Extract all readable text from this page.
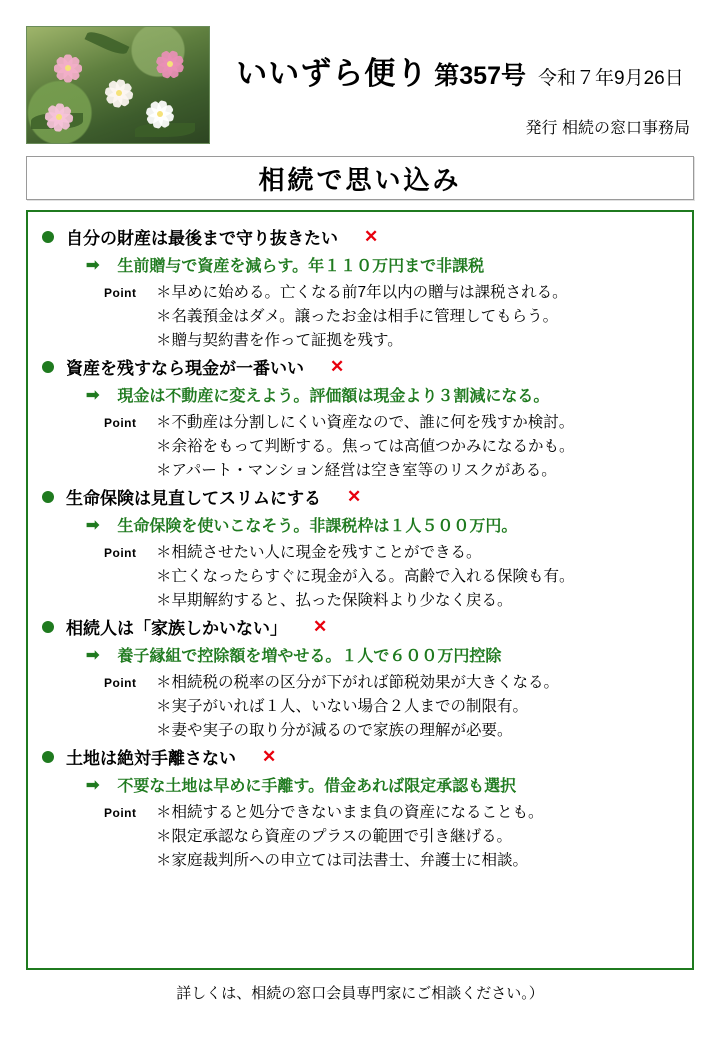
いいずら便り 第357号 令和７年9月26日
発行 相続の窓口事務局
相続で思い込み
自分の財産は最後まで守り抜きたい ✕
➡ 生前贈与で資産を減らす。年１１０万円まで非課税
Point	＊早めに始める。亡くなる前7年以内の贈与は課税される。
＊名義預金はダメ。譲ったお金は相手に管理してもらう。
＊贈与契約書を作って証拠を残す。
資産を残すなら現金が一番いい ✕
➡ 現金は不動産に変えよう。評価額は現金より３割減になる。
Point	＊不動産は分割しにくい資産なので、誰に何を残すか検討。
＊余裕をもって判断する。焦っては高値つかみになるかも。
＊アパート・マンション経営は空き室等のリスクがある。
生命保険は見直してスリムにする ✕
➡ 生命保険を使いこなそう。非課税枠は１人５００万円。
Point	＊相続させたい人に現金を残すことができる。
＊亡くなったらすぐに現金が入る。高齢で入れる保険も有。
＊早期解約すると、払った保険料より少なく戻る。
相続人は「家族しかいない」 ✕
➡ 養子縁組で控除額を増やせる。１人で６００万円控除
Point	＊相続税の税率の区分が下がれば節税効果が大きくなる。
＊実子がいれば１人、いない場合２人までの制限有。
＊妻や実子の取り分が減るので家族の理解が必要。
土地は絶対手離さない ✕
➡ 不要な土地は早めに手離す。借金あれば限定承認も選択
Point	＊相続すると処分できないまま負の資産になることも。
＊限定承認なら資産のプラスの範囲で引き継げる。
＊家庭裁判所への申立ては司法書士、弁護士に相談。
詳しくは、相続の窓口会員専門家にご相談ください。）
